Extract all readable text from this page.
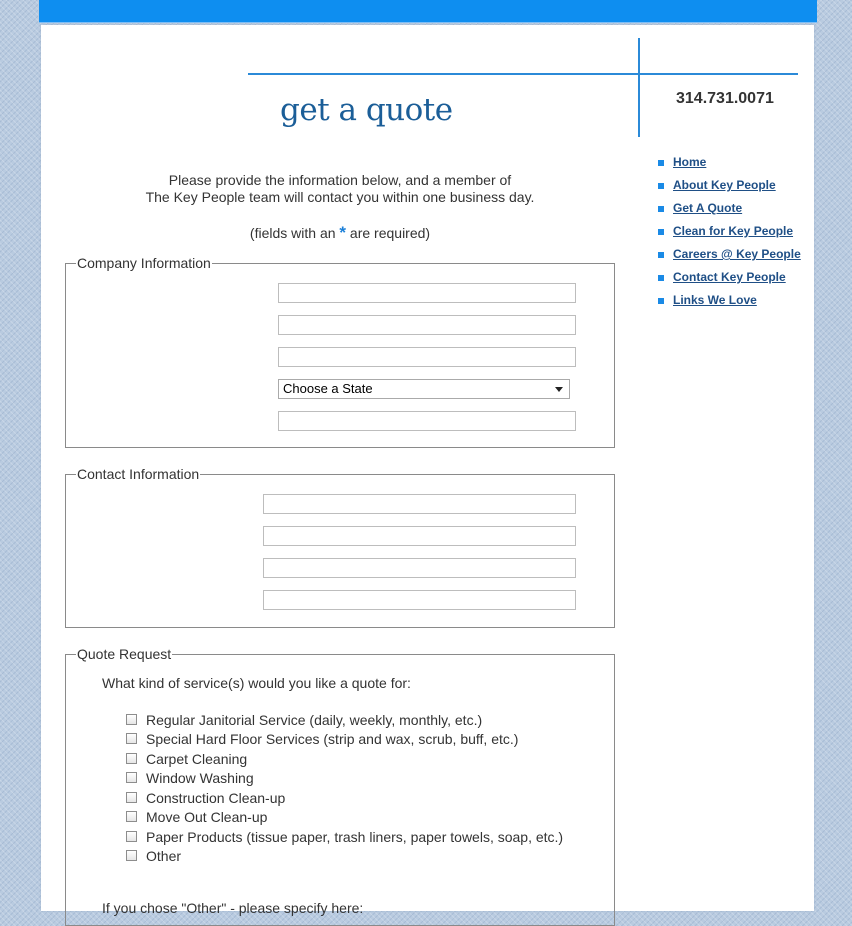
get a quote	314.731.0071
Home
About Key People
Get A Quote
Clean for Key People
Careers @ Key People
Contact Key People
Links We Love
Please provide the information below, and a member of
The Key People team will contact you within one business day.
(fields with an * are required)
Company Information
Choose a State
Contact Information
Quote Request
What kind of service(s) would you like a quote for:
Regular Janitorial Service (daily, weekly, monthly, etc.)
Special Hard Floor Services (strip and wax, scrub, buff, etc.)
Carpet Cleaning
Window Washing
Construction Clean-up
Move Out Clean-up
Paper Products (tissue paper, trash liners, paper towels, soap, etc.)
Other
If you chose "Other" - please specify here:
